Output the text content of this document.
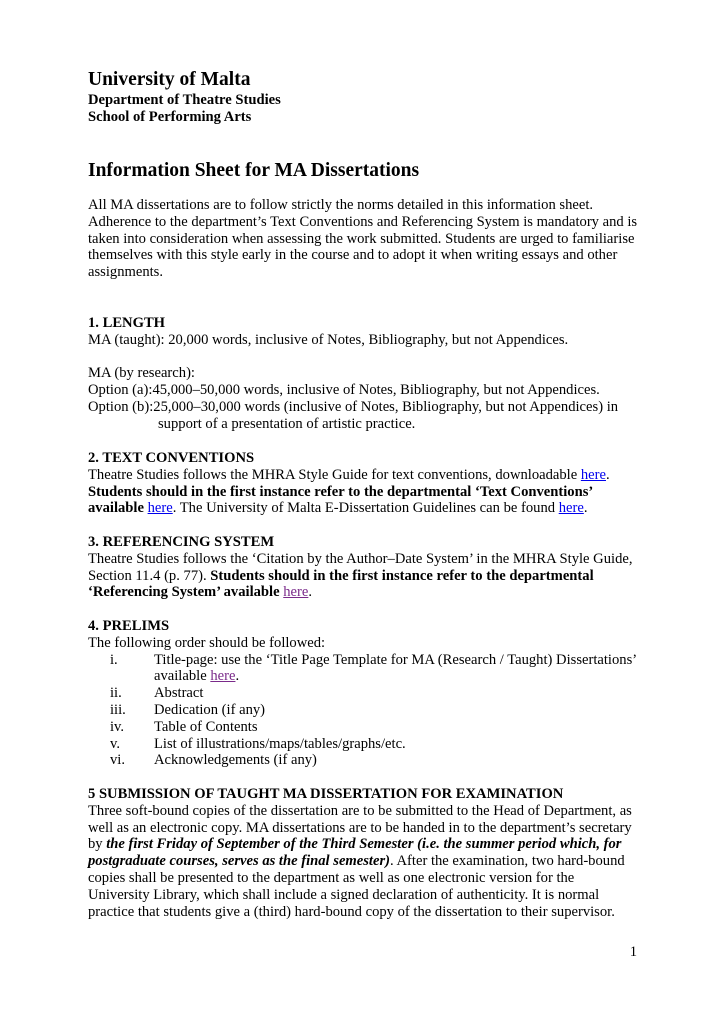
University of Malta
Department of Theatre Studies
School of Performing Arts
Information Sheet for MA Dissertations

All MA dissertations are to follow strictly the norms detailed in this information sheet. Adherence to the department’s Text Conventions and Referencing System is mandatory and is taken into consideration when assessing the work submitted. Students are urged to familiarise themselves with this style early in the course and to adopt it when writing essays and other assignments.

1. LENGTH
MA (taught): 20,000 words, inclusive of Notes, Bibliography, but not Appendices.
MA (by research):
Option (a): 45,000–50,000 words, inclusive of Notes, Bibliography, but not Appendices.
Option (b): 25,000–30,000 words (inclusive of Notes, Bibliography, but not Appendices) in
support of a presentation of artistic practice.
2. TEXT CONVENTIONS

Theatre Studies follows the MHRA Style Guide for text conventions, downloadable here. Students should in the first instance refer to the departmental ‘Text Conventions’ available here. The University of Malta E-Dissertation Guidelines can be found here.

3. REFERENCING SYSTEM

Theatre Studies follows the ‘Citation by the Author–Date System’ in the MHRA Style Guide, Section 11.4 (p. 77). Students should in the first instance refer to the departmental ‘Referencing System’ available here.

4. PRELIMS
The following order should be followed:
i.	Title-page: use the ‘Title Page Template for MA (Research / Taught) Dissertations’ available here.
ii.	Abstract
iii.	Dedication (if any)
iv.	Table of Contents
v.	List of illustrations/maps/tables/graphs/etc.
vi.	Acknowledgements (if any)
5 SUBMISSION OF TAUGHT MA DISSERTATION FOR EXAMINATION

Three soft-bound copies of the dissertation are to be submitted to the Head of Department, as well as an electronic copy. MA dissertations are to be handed in to the department’s secretary by the first Friday of September of the Third Semester (i.e. the summer period which, for postgraduate courses, serves as the final semester). After the examination, two hard-bound copies shall be presented to the department as well as one electronic version for the University Library, which shall include a signed declaration of authenticity. It is normal practice that students give a (third) hard-bound copy of the dissertation to their supervisor.

1
